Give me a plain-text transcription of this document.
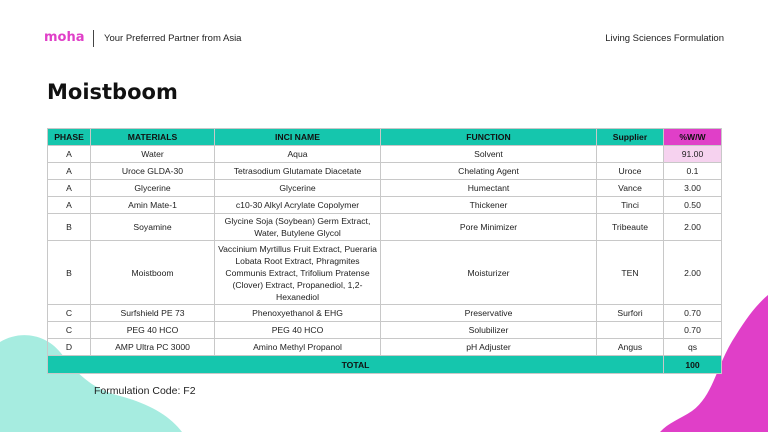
moha Your Preferred Partner from Asia	Living Sciences Formulation
Moistboom
PHASE	MATERIALS	INCI NAME	FUNCTION	Supplier	%W/W
A	Water	Aqua	Solvent		91.00
A	Uroce GLDA-30	Tetrasodium Glutamate Diacetate	Chelating Agent	Uroce	0.1
A	Glycerine	Glycerine	Humectant	Vance	3.00
A	Amin Mate-1	c10-30 Alkyl Acrylate Copolymer	Thickener	Tinci	0.50
B	Soyamine	Glycine Soja (Soybean) Germ Extract, Water, Butylene Glycol	Pore Minimizer	Tribeaute	2.00
B	Moistboom	Vaccinium Myrtillus Fruit Extract, Pueraria Lobata Root Extract, Phragmites Communis Extract, Trifolium Pratense (Clover) Extract, Propanediol, 1,2-Hexanediol	Moisturizer	TEN	2.00
C	Surfshield PE 73	Phenoxyethanol & EHG	Preservative	Surfori	0.70
C	PEG 40 HCO	PEG 40 HCO	Solubilizer		0.70
D	AMP Ultra PC 3000	Amino Methyl Propanol	pH Adjuster	Angus	qs
TOTAL					100
Formulation Code: F2
